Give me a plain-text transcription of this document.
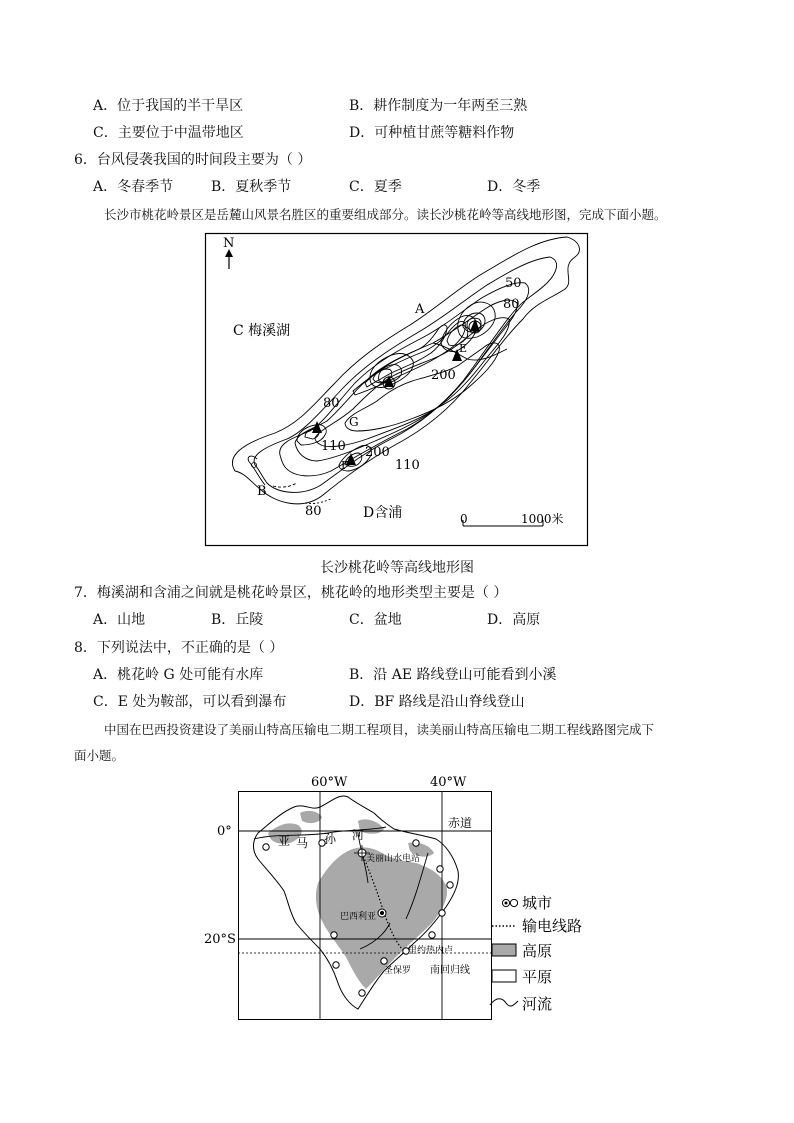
A．位于我国的半干旱区	B．耕作制度为一年两至三熟
C．主要位于中温带地区	D．可种植甘蔗等糖料作物
6．台风侵袭我国的时间段主要为（ ）
A．冬春季节	B．夏秋季节	C．夏季	D．冬季
长沙市桃花岭景区是岳麓山风景名胜区的重要组成部分。读长沙桃花岭等高线地形图，完成下面小题。
N
C 梅溪湖
D含浦
A
B
E
F
G
50
80
200
80
110 200
110
80	0	1000米
长沙桃花岭等高线地形图
7．梅溪湖和含浦之间就是桃花岭景区，桃花岭的地形类型主要是（ ）
A．山地	B．丘陵	C．盆地	D．高原
8．下列说法中，不正确的是（ ）
A．桃花岭 G 处可能有水库	B．沿 AE 路线登山可能看到小溪
C．E 处为鞍部，可以看到瀑布	D．BF 路线是沿山脊线登山
中国在巴西投资建设了美丽山特高压输电二期工程项目，读美丽山特高压输电二期工程线路图完成下
面小题。
60°W	40°W
0°
20°S
亚 马 孙 河
赤道
美丽山水电站
巴西利亚
里约热内卢
圣保罗 南回归线
城市
输电线路
高原
平原
河流
